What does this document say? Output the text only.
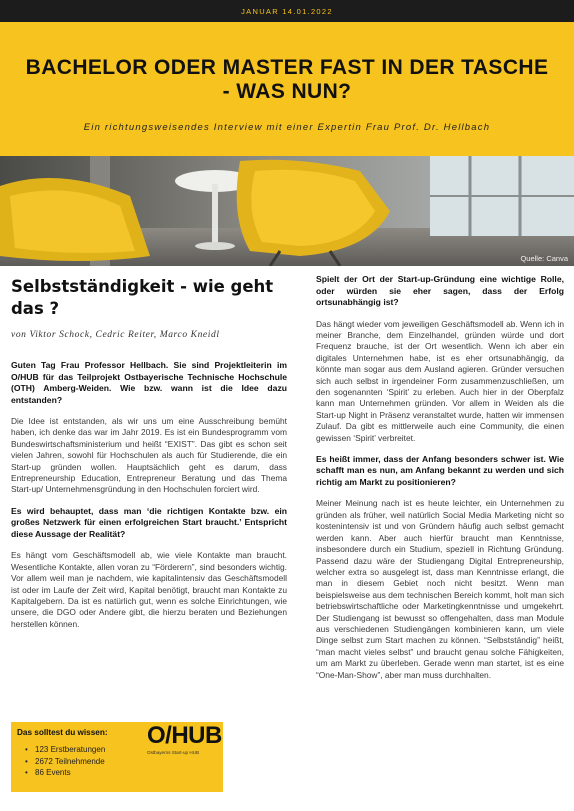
JANUAR 14.01.2022
BACHELOR ODER MASTER FAST IN DER TASCHE - WAS NUN?
Ein richtungsweisendes Interview mit einer Expertin Frau Prof. Dr. Hellbach
Quelle: Canva
Selbstständigkeit - wie geht das ?
von Viktor Schock, Cedric Reiter, Marco Kneidl

Guten Tag Frau Professor Hellbach. Sie sind Projektleiterin im O/HUB für das Teilprojekt Ostbayerische Technische Hochschule (OTH) Amberg-Weiden. Wie bzw. wann ist die Idee dazu entstanden?

Die Idee ist entstanden, als wir uns um eine Ausschreibung bemüht haben, ich denke das war im Jahr 2019. Es ist ein Bundesprogramm vom Bundeswirtschaftsministerium und heißt “EXIST”. Das gibt es schon seit vielen Jahren, sowohl für Hochschulen als auch für Studierende, die ein Start-up gründen wollen. Hauptsächlich geht es darum, dass Entrepreneurship Education, Entrepreneur Beratung und das Thema Start-up/ Unternehmensgründung in den Hochschulen forciert wird.

Es wird behauptet, dass man ‘die richtigen Kontakte bzw. ein großes Netzwerk für einen erfolgreichen Start braucht.’ Entspricht diese Aussage der Realität?

Es hängt vom Geschäftsmodell ab, wie viele Kontakte man braucht. Wesentliche Kontakte, allen voran zu “Förderern”, sind besonders wichtig. Vor allem weil man je nachdem, wie kapitalintensiv das Geschäftsmodell ist oder im Laufe der Zeit wird, Kapital benötigt, braucht man Kontakte zu Kapitalgebern. Da ist es natürlich gut, wenn es solche Einrichtungen, wie unsere, die DGO oder Andere gibt, die hierzu beraten und Beziehungen herstellen können.

Spielt der Ort der Start-up-Gründung eine wichtige Rolle, oder würden sie eher sagen, dass der Erfolg ortsunabhängig ist?

Das hängt wieder vom jeweiligen Geschäftsmodell ab. Wenn ich in meiner Branche, dem Einzelhandel, gründen würde und dort Frequenz brauche, ist der Ort wesentlich. Wenn ich aber ein digitales Unternehmen habe, ist es eher ortsunabhängig, da könnte man sogar aus dem Ausland agieren. Gründer versuchen sich auch selbst in irgendeiner Form zusammenzuschließen, um den sogenannten ‘Spirit’ zu erleben. Auch hier in der Oberpfalz kann man Unternehmen gründen. Vor allem in Weiden als die Start-up Night in Präsenz veranstaltet wurde, hatten wir immensen Zulauf. Da gibt es mittlerweile auch eine Community, die einen gewissen ‘Spirit’ verbreitet.

Es heißt immer, dass der Anfang besonders schwer ist. Wie schafft man es nun, am Anfang bekannt zu werden und sich richtig am Markt zu positionieren?

Meiner Meinung nach ist es heute leichter, ein Unternehmen zu gründen als früher, weil natürlich Social Media Marketing nicht so kostenintensiv ist und von Gründern häufig auch selbst gemacht werden kann. Aber auch hierfür braucht man Kenntnisse, insbesondere durch ein Studium, speziell in Richtung Gründung. Passend dazu wäre der Studiengang Digital Entrepreneurship, welcher extra so ausgelegt ist, dass man Kenntnisse erlangt, die man in diesem Gebiet noch nicht besitzt. Wenn man beispielsweise aus dem technischen Bereich kommt, holt man sich betriebswirtschaftliche oder Marketingkenntnisse und umgekehrt. Der Studiengang ist bewusst so offengehalten, dass man Module aus verschiedenen Studiengängen kombinieren kann, um viele Dinge selbst zum Start machen zu können. “Selbstständig” heißt, “man macht vieles selbst” und braucht genau solche Fähigkeiten, um am Markt zu überleben. Gerade wenn man startet, ist es eine “One-Man-Show”, aber man muss durchhalten.

Das solltest du wissen:
• 123 Erstberatungen
• 2672 Teilnehmende
• 86 Events
O/HUB
Ostbayerns Start-up HUB
